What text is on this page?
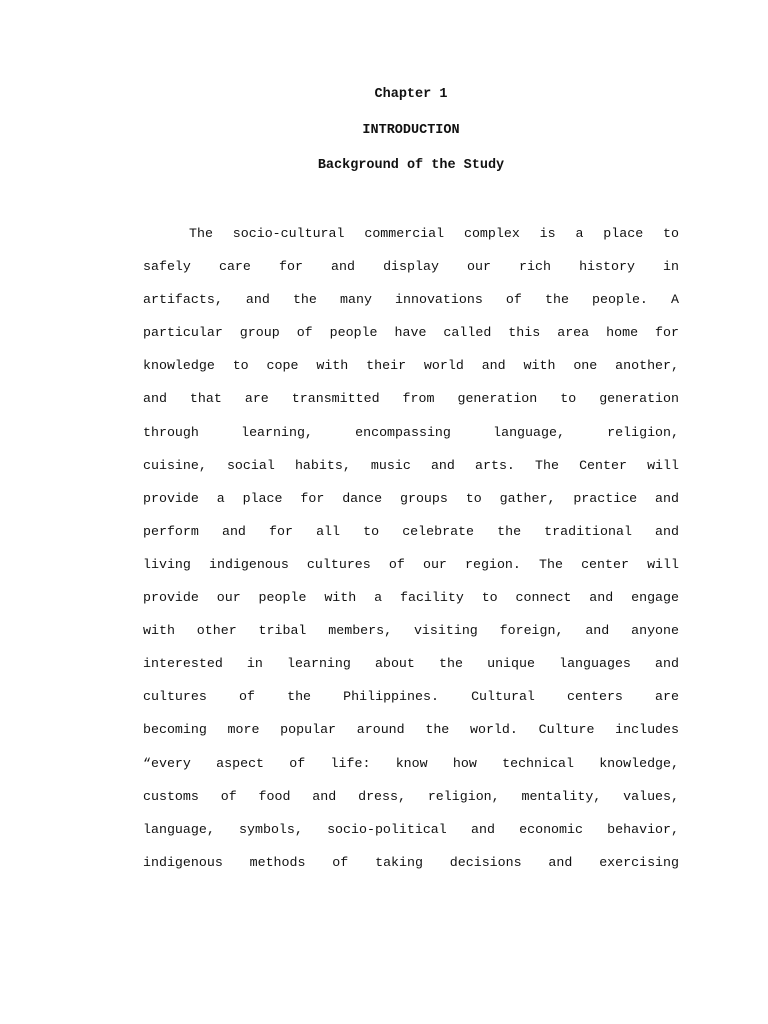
Chapter 1
INTRODUCTION
Background of the Study
The socio-cultural commercial complex is a place to
safely care for and display our rich history in
artifacts, and the many innovations of the people. A
particular group of people have called this area home for
knowledge to cope with their world and with one another,
and that are transmitted from generation to generation
through learning, encompassing language, religion,
cuisine, social habits, music and arts. The Center will
provide a place for dance groups to gather, practice and
perform and for all to celebrate the traditional and
living indigenous cultures of our region. The center will
provide our people with a facility to connect and engage
with other tribal members, visiting foreign, and anyone
interested in learning about the unique languages and
cultures of the Philippines. Cultural centers are
becoming more popular around the world. Culture includes
“every aspect of life: know how technical knowledge,
customs of food and dress, religion, mentality, values,
language, symbols, socio-political and economic behavior,
indigenous methods of taking decisions and exercising
